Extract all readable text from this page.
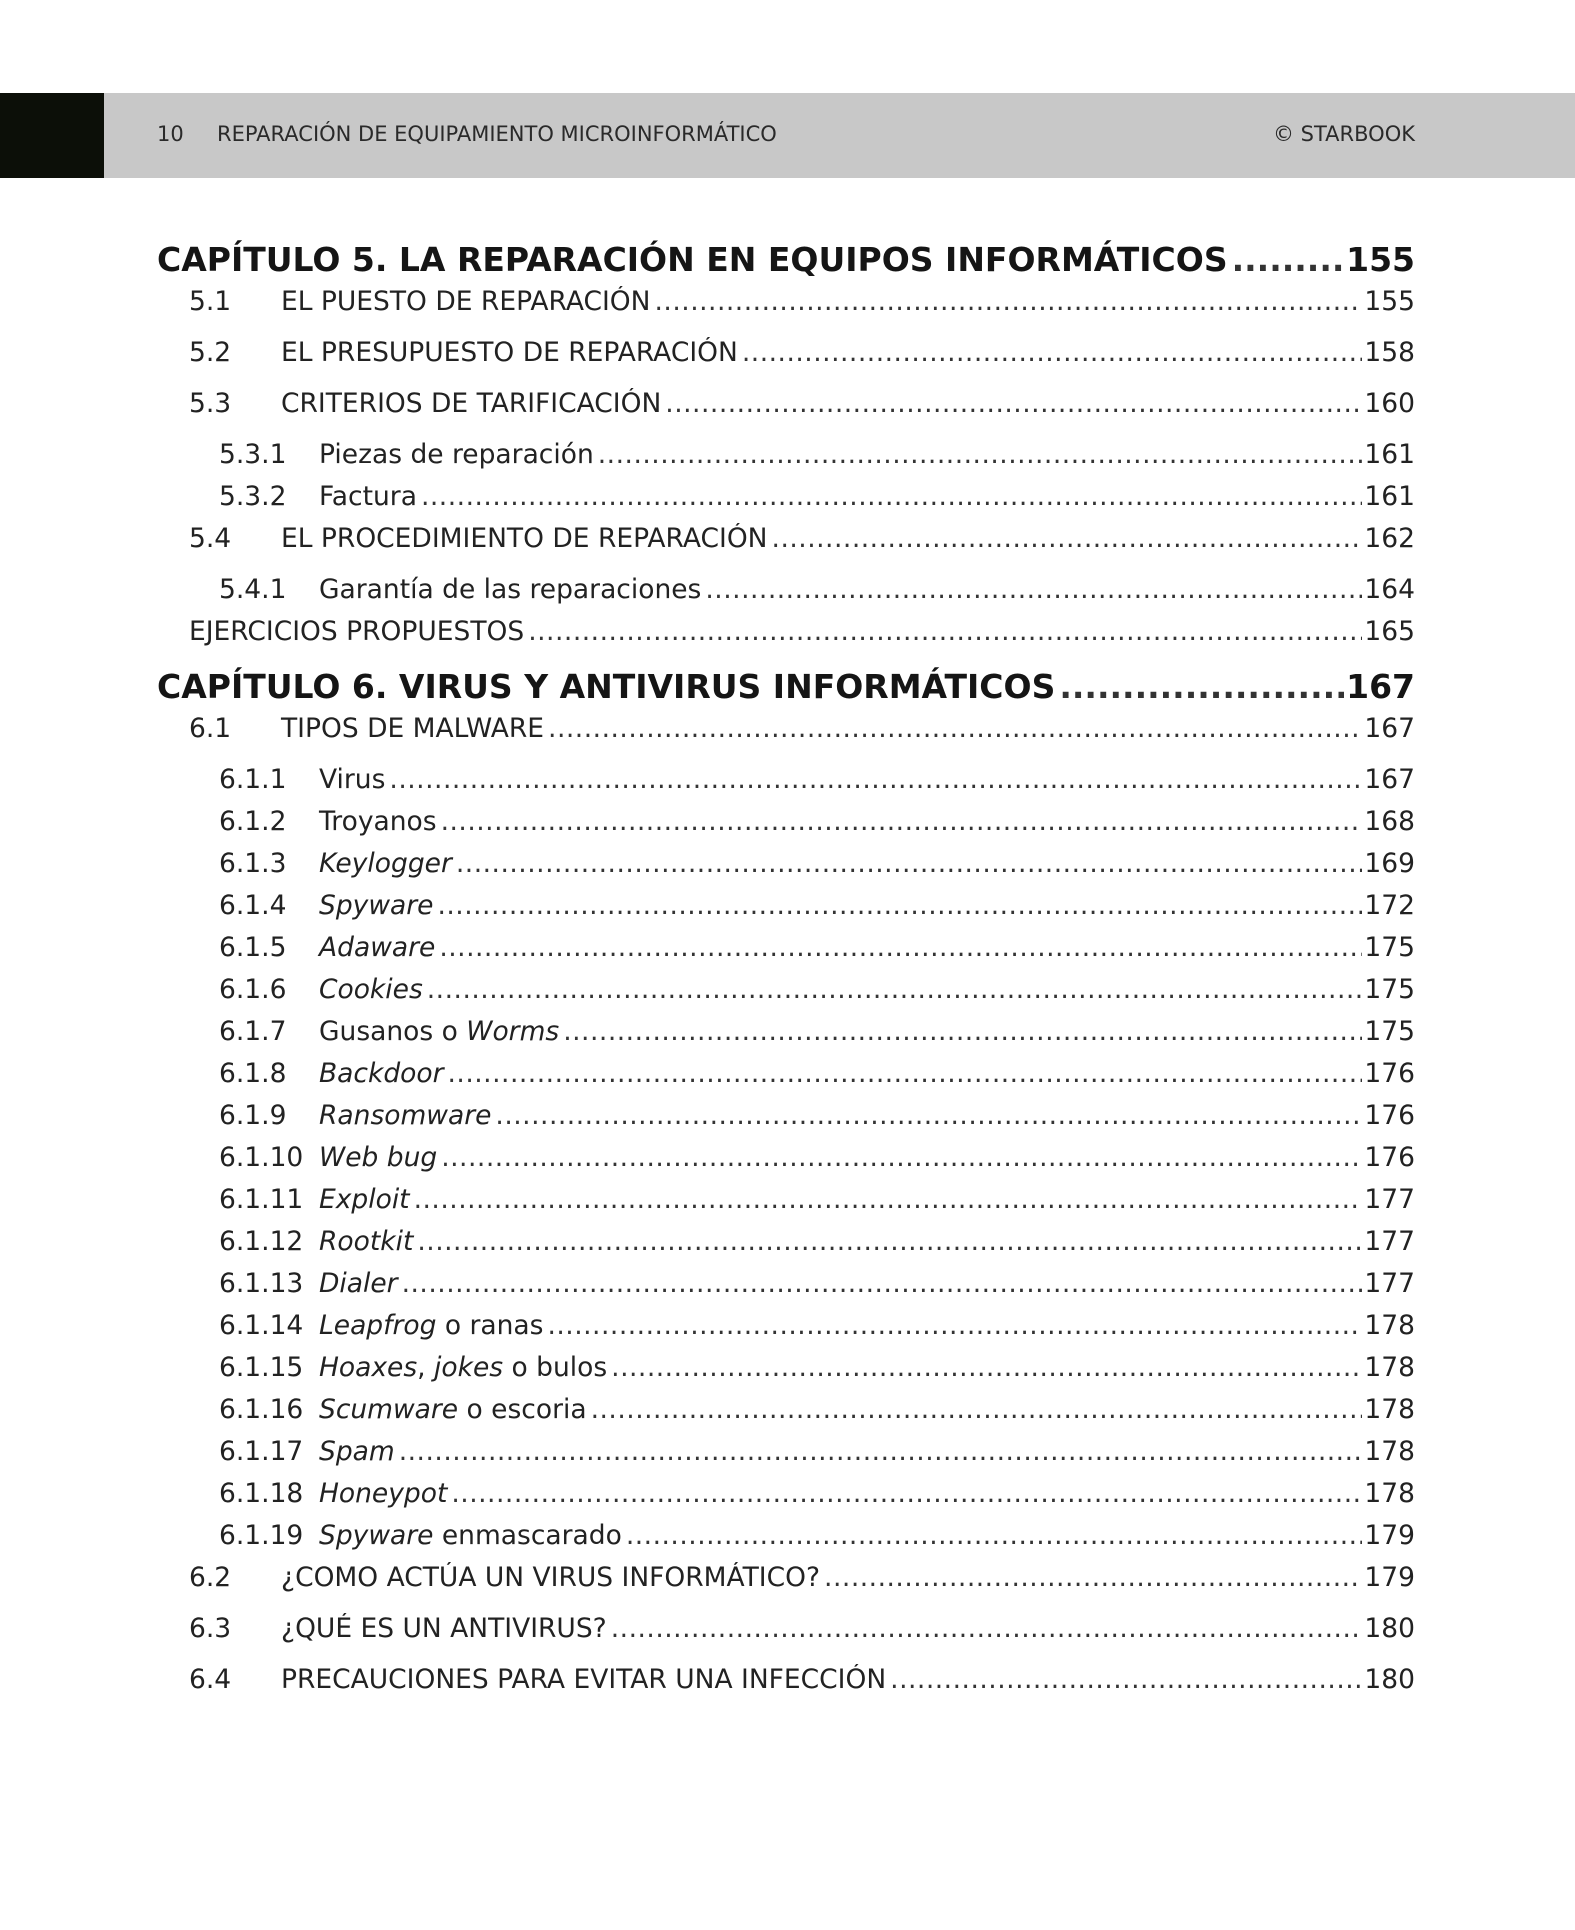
10 REPARACIÓN DE EQUIPAMIENTO MICROINFORMÁTICO	© STARBOOK
CAPÍTULO 5. LA REPARACIÓN EN EQUIPOS INFORMÁTICOS .....	155
5.1	EL PUESTO DE REPARACIÓN .....	155
5.2	EL PRESUPUESTO DE REPARACIÓN .....	158
5.3	CRITERIOS DE TARIFICACIÓN .....	160
5.3.1	Piezas de reparación .....	161
5.3.2	Factura .....	161
5.4	EL PROCEDIMIENTO DE REPARACIÓN .....	162
5.4.1	Garantía de las reparaciones .....	164
EJERCICIOS PROPUESTOS .....	165
CAPÍTULO 6. VIRUS Y ANTIVIRUS INFORMÁTICOS .....	167
6.1	TIPOS DE MALWARE .....	167
6.1.1	Virus .....	167
6.1.2	Troyanos .....	168
6.1.3	Keylogger .....	169
6.1.4	Spyware .....	172
6.1.5	Adaware .....	175
6.1.6	Cookies .....	175
6.1.7	Gusanos o Worms .....	175
6.1.8	Backdoor .....	176
6.1.9	Ransomware .....	176
6.1.10 Web bug .....	176
6.1.11 Exploit .....	177
6.1.12 Rootkit .....	177
6.1.13 Dialer .....	177
6.1.14 Leapfrog o ranas .....	178
6.1.15 Hoaxes, jokes o bulos .....	178
6.1.16 Scumware o escoria .....	178
6.1.17 Spam .....	178
6.1.18 Honeypot .....	178
6.1.19 Spyware enmascarado .....	179
6.2	¿COMO ACTÚA UN VIRUS INFORMÁTICO? .....	179
6.3	¿QUÉ ES UN ANTIVIRUS? .....	180
6.4	PRECAUCIONES PARA EVITAR UNA INFECCIÓN .....	180
